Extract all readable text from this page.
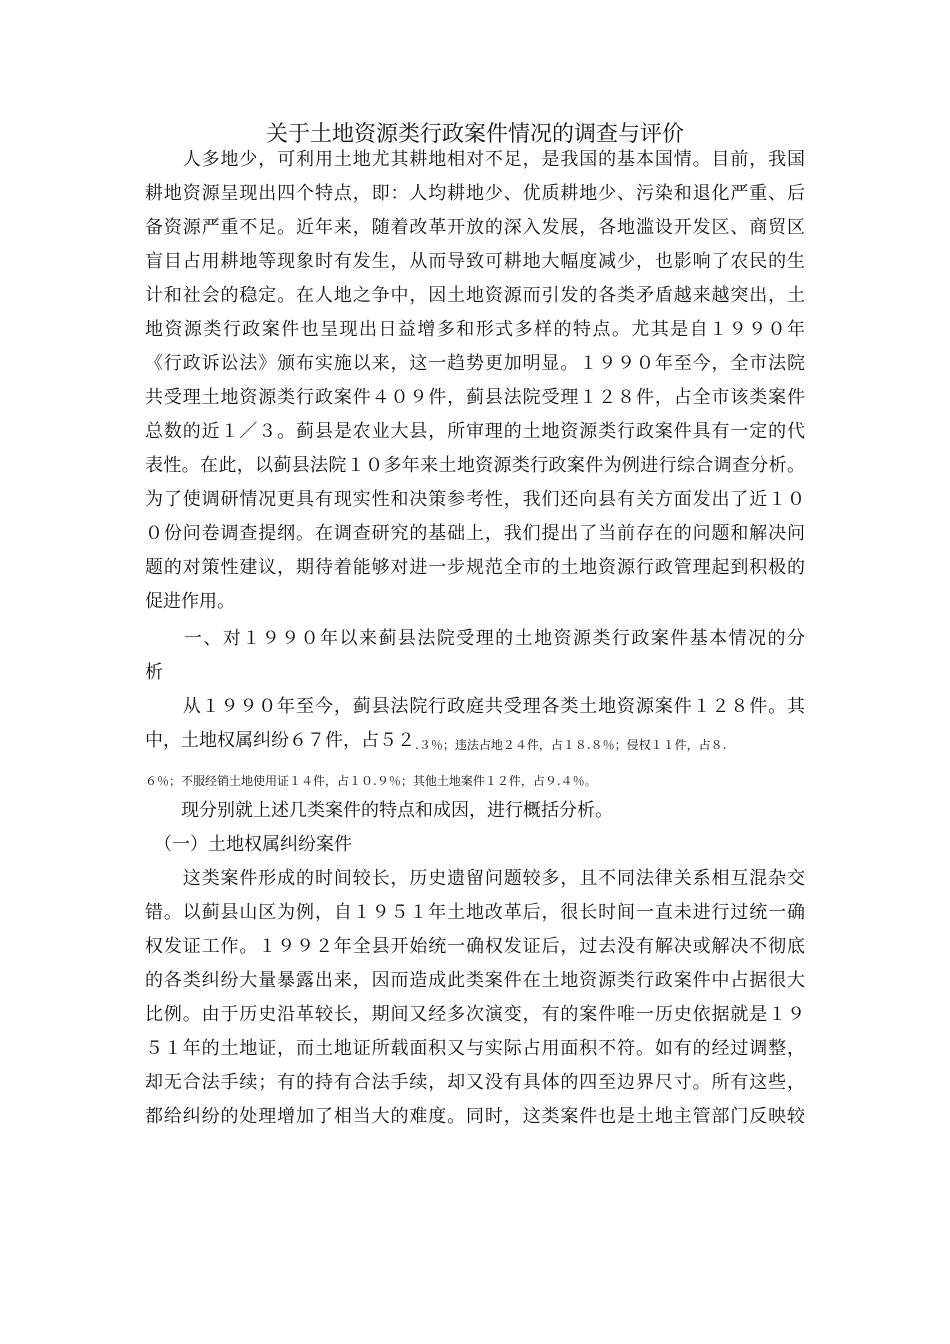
关于土地资源类行政案件情况的调查与评价
　　人多地少，可利用土地尤其耕地相对不足，是我国的基本国情。目前，我国
耕地资源呈现出四个特点，即：人均耕地少、优质耕地少、污染和退化严重、后
备资源严重不足。近年来，随着改革开放的深入发展，各地滥设开发区、商贸区
盲目占用耕地等现象时有发生，从而导致可耕地大幅度减少，也影响了农民的生
计和社会的稳定。在人地之争中，因土地资源而引发的各类矛盾越来越突出，土
地资源类行政案件也呈现出日益增多和形式多样的特点。尤其是自１９９０年
《行政诉讼法》颁布实施以来，这一趋势更加明显。１９９０年至今，全市法院
共受理土地资源类行政案件４０９件，蓟县法院受理１２８件，占全市该类案件
总数的近１／３。蓟县是农业大县，所审理的土地资源类行政案件具有一定的代
表性。在此，以蓟县法院１０多年来土地资源类行政案件为例进行综合调查分析。
为了使调研情况更具有现实性和决策参考性，我们还向县有关方面发出了近１０
０份问卷调查提纲。在调查研究的基础上，我们提出了当前存在的问题和解决问
题的对策性建议，期待着能够对进一步规范全市的土地资源行政管理起到积极的
促进作用。
　　一、对１９９０年以来蓟县法院受理的土地资源类行政案件基本情况的分
析
　　从１９９０年至今，蓟县法院行政庭共受理各类土地资源案件１２８件。其
中，土地权属纠纷６７件，占５２.３％；违法占地２４件，占１８.８％；侵权１１件，占８.
６％；不服经销土地使用证１４件，占１０.９％；其他土地案件１２件，占９.４％。
　　现分别就上述几类案件的特点和成因，进行概括分析。
　（一）土地权属纠纷案件
　　这类案件形成的时间较长，历史遗留问题较多，且不同法律关系相互混杂交
错。以蓟县山区为例，自１９５１年土地改革后，很长时间一直未进行过统一确
权发证工作。１９９２年全县开始统一确权发证后，过去没有解决或解决不彻底
的各类纠纷大量暴露出来，因而造成此类案件在土地资源类行政案件中占据很大
比例。由于历史沿革较长，期间又经多次演变，有的案件唯一历史依据就是１９
５１年的土地证，而土地证所载面积又与实际占用面积不符。如有的经过调整，
却无合法手续；有的持有合法手续，却又没有具体的四至边界尺寸。所有这些，
都给纠纷的处理增加了相当大的难度。同时，这类案件也是土地主管部门反映较
